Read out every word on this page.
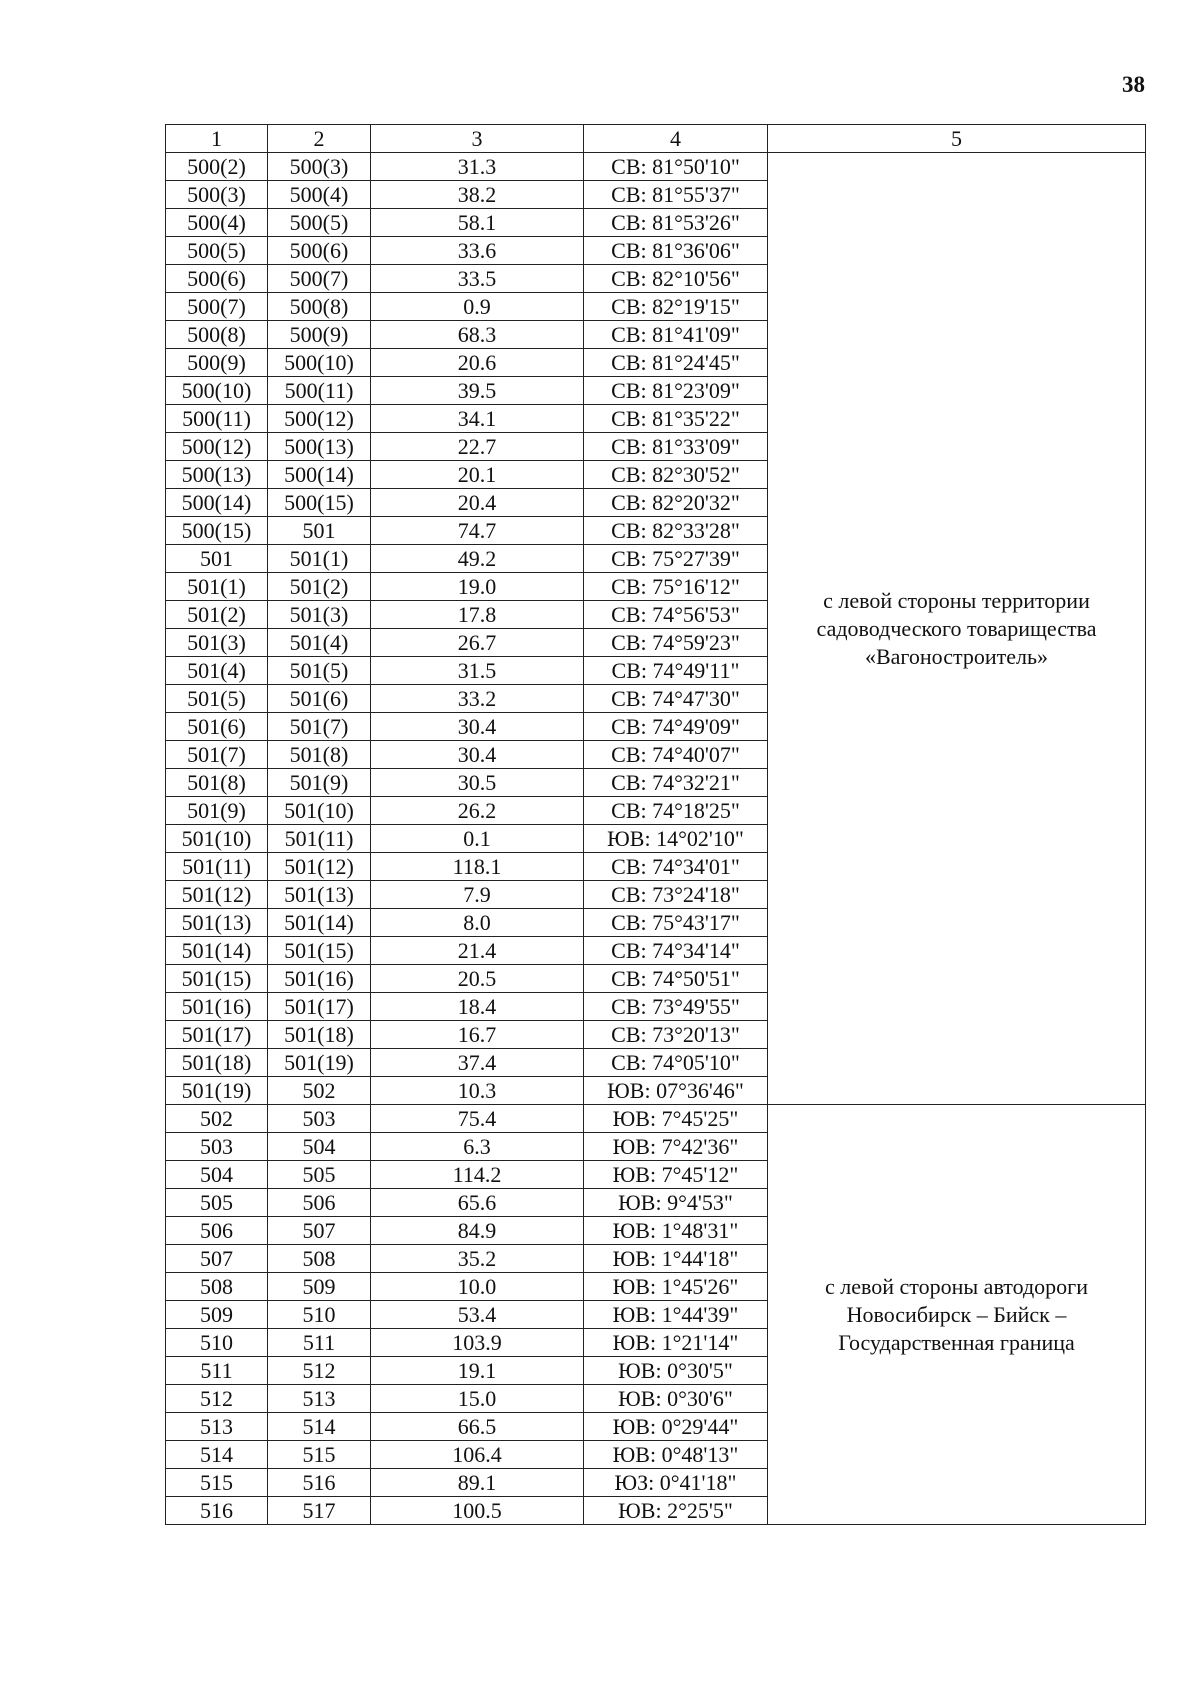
38
1	2	3	4	5
500(2)	500(3)	31.3	СВ: 81°50'10"	с левой стороны территории садоводческого товарищества «Вагоностроитель»
500(3)	500(4)	38.2	СВ: 81°55'37"	
500(4)	500(5)	58.1	СВ: 81°53'26"	
500(5)	500(6)	33.6	СВ: 81°36'06"	
500(6)	500(7)	33.5	СВ: 82°10'56"	
500(7)	500(8)	0.9	СВ: 82°19'15"	
500(8)	500(9)	68.3	СВ: 81°41'09"	
500(9)	500(10)	20.6	СВ: 81°24'45"	
500(10)	500(11)	39.5	СВ: 81°23'09"	
500(11)	500(12)	34.1	СВ: 81°35'22"	
500(12)	500(13)	22.7	СВ: 81°33'09"	
500(13)	500(14)	20.1	СВ: 82°30'52"	
500(14)	500(15)	20.4	СВ: 82°20'32"	
500(15)	501	74.7	СВ: 82°33'28"	
501	501(1)	49.2	СВ: 75°27'39"	
501(1)	501(2)	19.0	СВ: 75°16'12"	
501(2)	501(3)	17.8	СВ: 74°56'53"	
501(3)	501(4)	26.7	СВ: 74°59'23"	
501(4)	501(5)	31.5	СВ: 74°49'11"	
501(5)	501(6)	33.2	СВ: 74°47'30"	
501(6)	501(7)	30.4	СВ: 74°49'09"	
501(7)	501(8)	30.4	СВ: 74°40'07"	
501(8)	501(9)	30.5	СВ: 74°32'21"	
501(9)	501(10)	26.2	СВ: 74°18'25"	
501(10)	501(11)	0.1	ЮВ: 14°02'10"	
501(11)	501(12)	118.1	СВ: 74°34'01"	
501(12)	501(13)	7.9	СВ: 73°24'18"	
501(13)	501(14)	8.0	СВ: 75°43'17"	
501(14)	501(15)	21.4	СВ: 74°34'14"	
501(15)	501(16)	20.5	СВ: 74°50'51"	
501(16)	501(17)	18.4	СВ: 73°49'55"	
501(17)	501(18)	16.7	СВ: 73°20'13"	
501(18)	501(19)	37.4	СВ: 74°05'10"	
501(19)	502	10.3	ЮВ: 07°36'46"	
502	503	75.4	ЮВ: 7°45'25"	с левой стороны автодороги Новосибирск – Бийск – Государственная граница
503	504	6.3	ЮВ: 7°42'36"	
504	505	114.2	ЮВ: 7°45'12"	
505	506	65.6	ЮВ: 9°4'53"	
506	507	84.9	ЮВ: 1°48'31"	
507	508	35.2	ЮВ: 1°44'18"	
508	509	10.0	ЮВ: 1°45'26"	
509	510	53.4	ЮВ: 1°44'39"	
510	511	103.9	ЮВ: 1°21'14"	
511	512	19.1	ЮВ: 0°30'5"	
512	513	15.0	ЮВ: 0°30'6"	
513	514	66.5	ЮВ: 0°29'44"	
514	515	106.4	ЮВ: 0°48'13"	
515	516	89.1	ЮЗ: 0°41'18"	
516	517	100.5	ЮВ: 2°25'5"	
